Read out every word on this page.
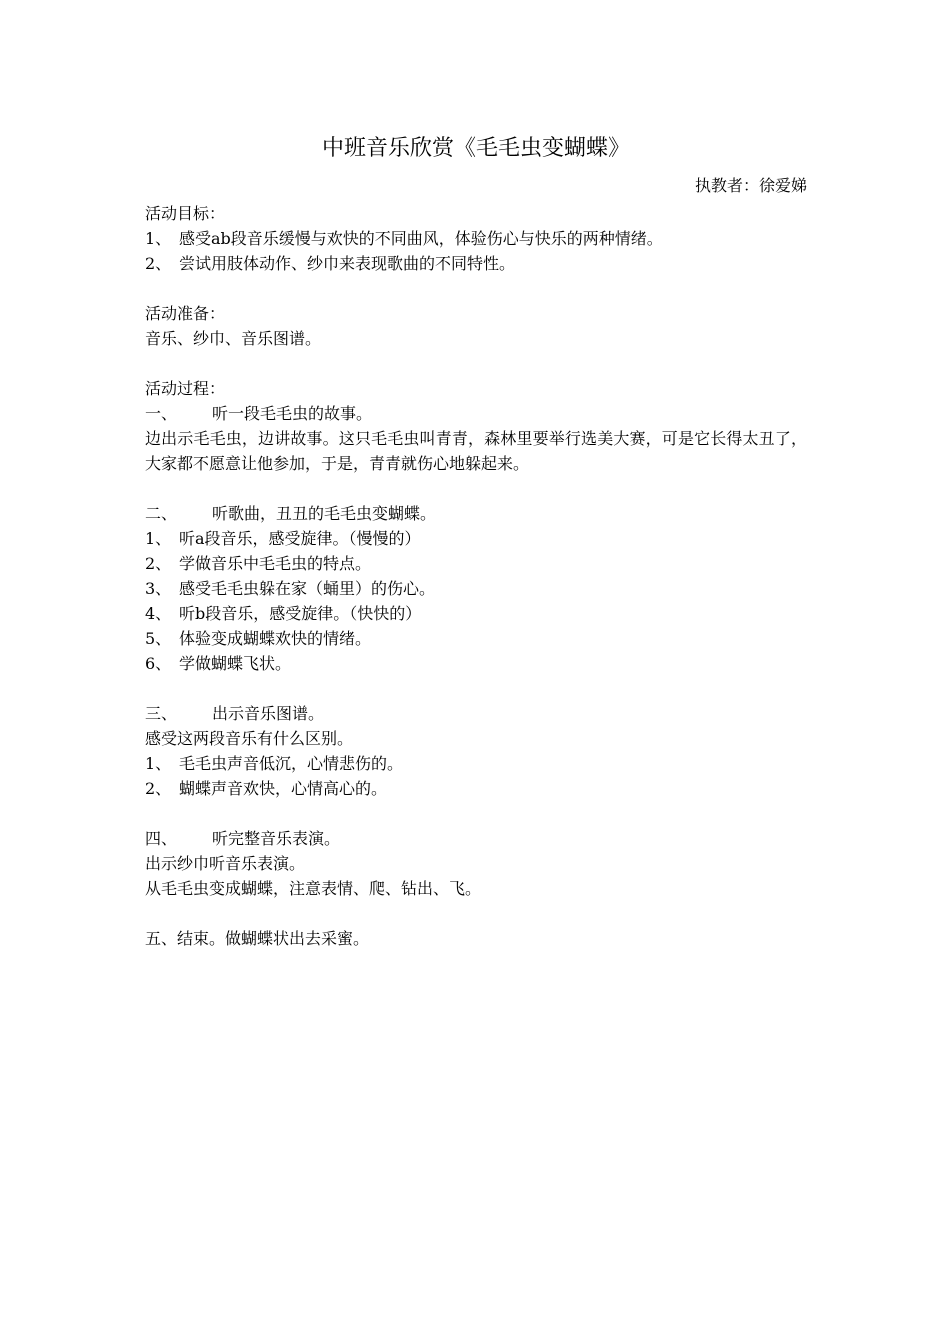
中班音乐欣赏《毛毛虫变蝴蝶》
执教者：徐爱娣
活动目标：
1、 感受ab段音乐缓慢与欢快的不同曲风，体验伤心与快乐的两种情绪。
2、 尝试用肢体动作、纱巾来表现歌曲的不同特性。
活动准备：
音乐、纱巾、音乐图谱。
活动过程：
一、 听一段毛毛虫的故事。
边出示毛毛虫，边讲故事。这只毛毛虫叫青青，森林里要举行选美大赛，可是它长得太丑了，大家都不愿意让他参加，于是，青青就伤心地躲起来。
二、 听歌曲，丑丑的毛毛虫变蝴蝶。
1、 听a段音乐，感受旋律。（慢慢的）
2、 学做音乐中毛毛虫的特点。
3、 感受毛毛虫躲在家（蛹里）的伤心。
4、 听b段音乐，感受旋律。（快快的）
5、 体验变成蝴蝶欢快的情绪。
6、 学做蝴蝶飞状。
三、 出示音乐图谱。
感受这两段音乐有什么区别。
1、 毛毛虫声音低沉，心情悲伤的。
2、 蝴蝶声音欢快，心情高心的。
四、 听完整音乐表演。
出示纱巾听音乐表演。
从毛毛虫变成蝴蝶，注意表情、爬、钻出、飞。
五、结束。做蝴蝶状出去采蜜。
